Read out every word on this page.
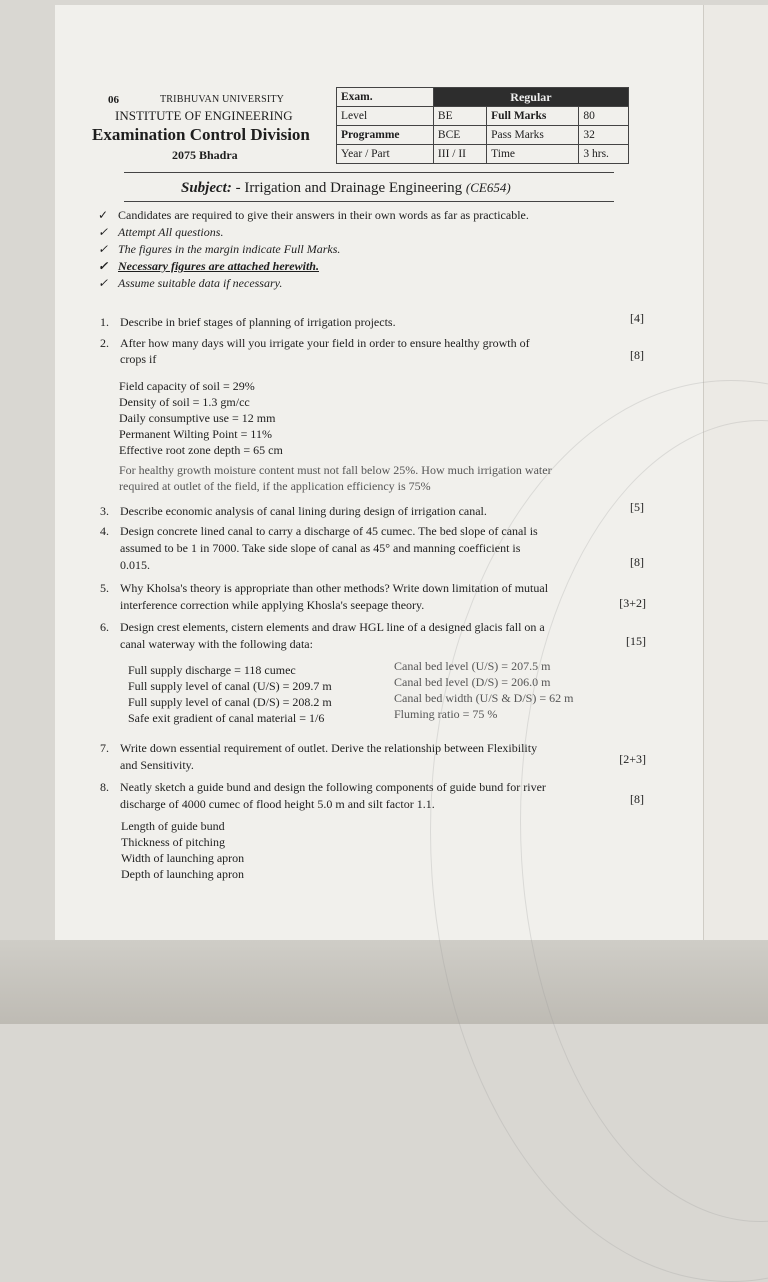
06	TRIBHUVAN UNIVERSITY
INSTITUTE OF ENGINEERING
Examination Control Division
2075 Bhadra
Exam.	Regular		
Level	BE	Full Marks	80
Programme	BCE	Pass Marks	32
Year / Part	III / II	Time	3 hrs.
Subject: - Irrigation and Drainage Engineering (CE654)
✓ Candidates are required to give their answers in their own words as far as practicable.
✓ Attempt All questions.
✓ The figures in the margin indicate Full Marks.
✓ Necessary figures are attached herewith.
✓ Assume suitable data if necessary.
1. Describe in brief stages of planning of irrigation projects.	[4]
2. After how many days will you irrigate your field in order to ensure healthy growth of
crops if	[8]
Field capacity of soil = 29%
Density of soil = 1.3 gm/cc
Daily consumptive use = 12 mm
Permanent Wilting Point = 11%
Effective root zone depth = 65 cm
For healthy growth moisture content must not fall below 25%. How much irrigation water
required at outlet of the field, if the application efficiency is 75%
3. Describe economic analysis of canal lining during design of irrigation canal.	[5]
4. Design concrete lined canal to carry a discharge of 45 cumec. The bed slope of canal is
assumed to be 1 in 7000. Take side slope of canal as 45° and manning coefficient is
0.015.	[8]
5. Why Kholsa's theory is appropriate than other methods? Write down limitation of mutual
interference correction while applying Khosla's seepage theory.	[3+2]
6. Design crest elements, cistern elements and draw HGL line of a designed glacis fall on a
canal waterway with the following data:	[15]
Full supply discharge = 118 cumec
Full supply level of canal (U/S) = 209.7 m
Full supply level of canal (D/S) = 208.2 m
Safe exit gradient of canal material = 1/6
Canal bed level (U/S) = 207.5 m
Canal bed level (D/S) = 206.0 m
Canal bed width (U/S & D/S) = 62 m
Fluming ratio = 75 %
7. Write down essential requirement of outlet. Derive the relationship between Flexibility
and Sensitivity.	[2+3]
8. Neatly sketch a guide bund and design the following components of guide bund for river
discharge of 4000 cumec of flood height 5.0 m and silt factor 1.1.	[8]
Length of guide bund
Thickness of pitching
Width of launching apron
Depth of launching apron
